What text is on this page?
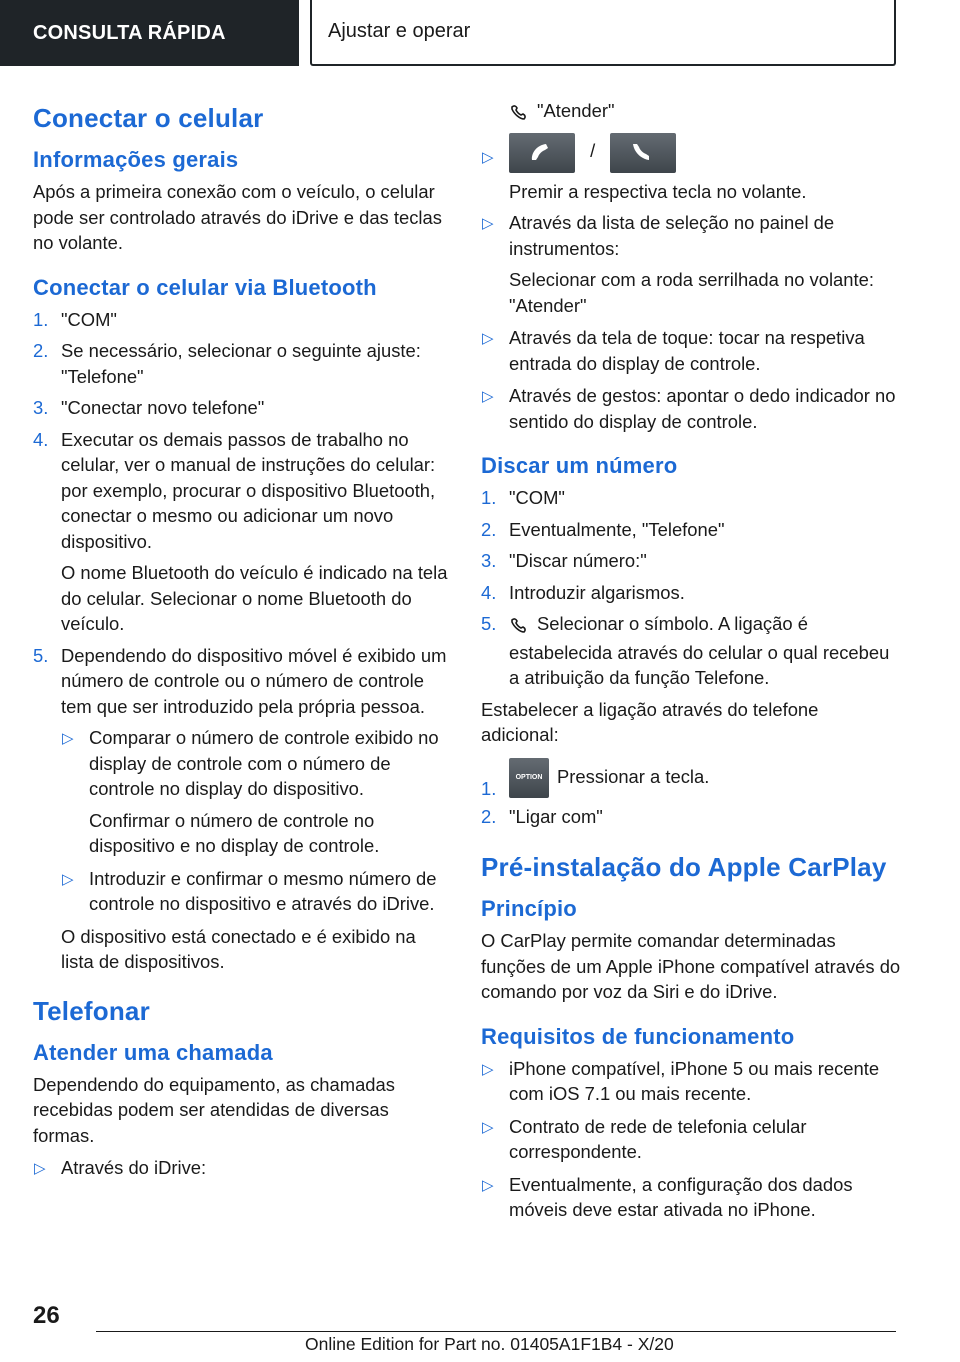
CONSULTA RÁPIDA	Ajustar e operar
Conectar o celular
Informações gerais

Após a primeira conexão com o veículo, o celular pode ser controlado através do iDrive e das teclas no volante.

Conectar o celular via Bluetooth
1. "COM"
2. Se necessário, selecionar o seguinte ajuste: "Telefone"
3. "Conectar novo telefone"
4. Executar os demais passos de trabalho no celular, ver o manual de instruções do celular: por exemplo, procurar o dispositivo Bluetooth, conectar o mesmo ou adicionar um novo dispositivo.
O nome Bluetooth do veículo é indicado na tela do celular. Selecionar o nome Bluetooth do veículo.
5. Dependendo do dispositivo móvel é exibido um número de controle ou o número de controle tem que ser introduzido pela própria pessoa.
▷ Comparar o número de controle exibido no display de controle com o número de controle no display do dispositivo.
Confirmar o número de controle no dispositivo e no display de controle.
▷ Introduzir e confirmar o mesmo número de controle no dispositivo e através do iDrive.
O dispositivo está conectado e é exibido na lista de dispositivos.
Telefonar
Atender uma chamada

Dependendo do equipamento, as chamadas recebidas podem ser atendidas de diversas formas.

▷ Através do iDrive:
"Atender"
▷	/
Premir a respectiva tecla no volante.
▷ Através da lista de seleção no painel de instrumentos:
Selecionar com a roda serrilhada no volante: "Atender"
▷ Através da tela de toque: tocar na respetiva entrada do display de controle.
▷ Através de gestos: apontar o dedo indicador no sentido do display de controle.
Discar um número
1. "COM"
2. Eventualmente, "Telefone"
3. "Discar número:"
4. Introduzir algarismos.
5. Selecionar o símbolo. A ligação é estabelecida através do celular o qual recebeu a atribuição da função Telefone.

Estabelecer a ligação através do telefone adicional:

1.
OPTION Pressionar a tecla.
2. "Ligar com"
Pré-instalação do Apple CarPlay
Princípio

O CarPlay permite comandar determinadas funções de um Apple iPhone compatível através do comando por voz da Siri e do iDrive.

Requisitos de funcionamento
▷ iPhone compatível, iPhone 5 ou mais recente com iOS 7.1 ou mais recente.
▷ Contrato de rede de telefonia celular correspondente.
▷ Eventualmente, a configuração dos dados móveis deve estar ativada no iPhone.
26
Online Edition for Part no. 01405A1F1B4 - X/20
